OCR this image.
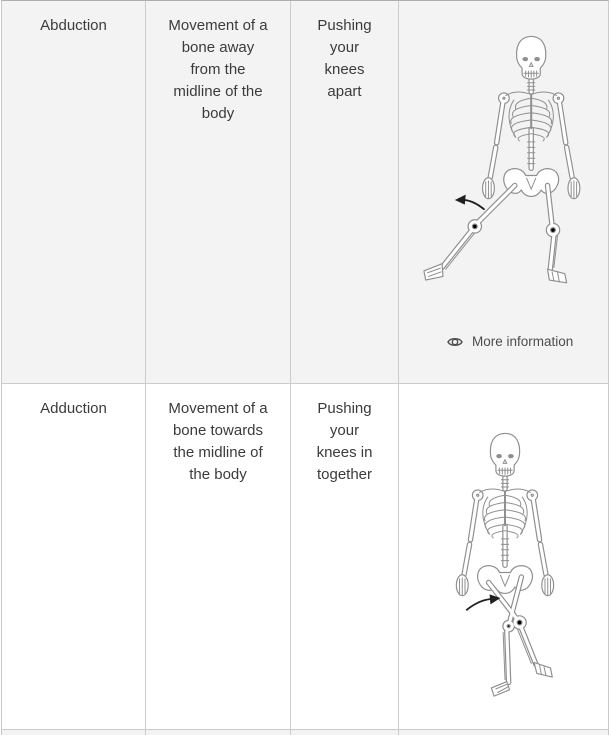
Abduction	Movement of a bone away from the midline of the body
Pushing your knees apart
More information
Adduction	Movement of a bone towards the midline of the body
Pushing your knees in together
